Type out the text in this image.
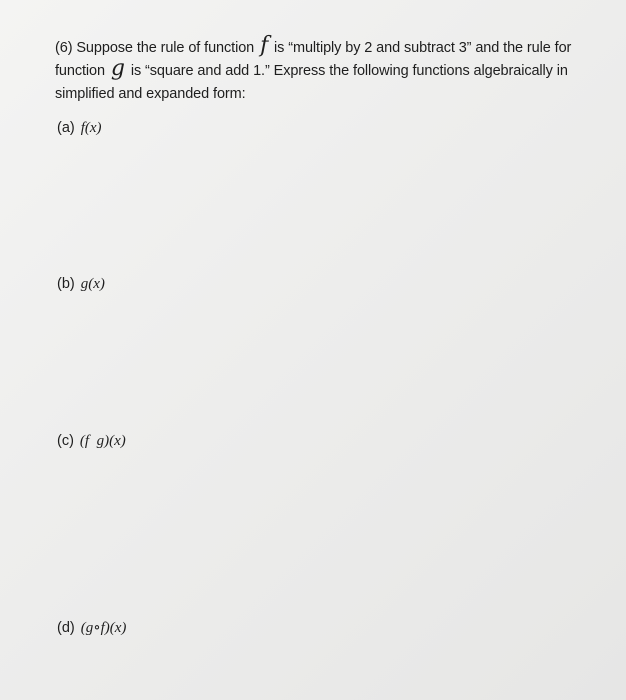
(6) Suppose the rule of function f is “multiply by 2 and subtract 3” and the rule for function g is “square and add 1.” Express the following functions algebraically in simplified and expanded form:

(a) f(x)
(b) g(x)
(c) (f  g)(x)
(d) (g∘f)(x)
